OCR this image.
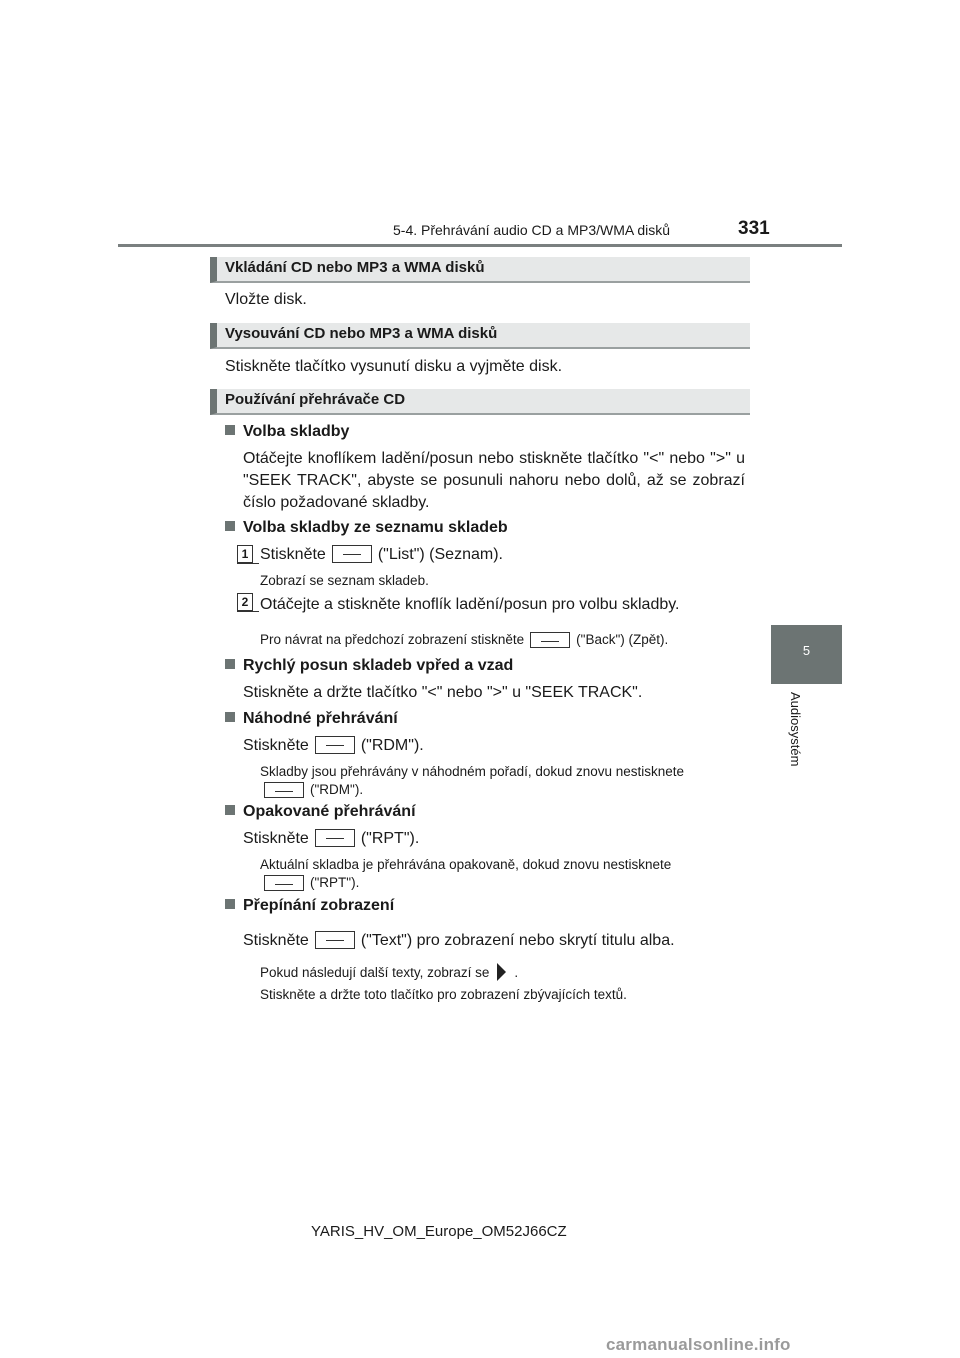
5-4. Přehrávání audio CD a MP3/WMA disků	331
5
Audiosystém
Vkládání CD nebo MP3 a WMA disků
Vložte disk.
Vysouvání CD nebo MP3 a WMA disků
Stiskněte tlačítko vysunutí disku a vyjměte disk.
Používání přehrávače CD
Volba skladby
Otáčejte knoflíkem ladění/posun nebo stiskněte tlačítko "<" nebo ">" u "SEEK TRACK", abyste se posunuli nahoru nebo dolů, až se zobrazí číslo požadované skladby.
Volba skladby ze seznamu skladeb
1 Stiskněte	("List") (Seznam).
Zobrazí se seznam skladeb.
2 Otáčejte a stiskněte knoflík ladění/posun pro volbu skladby.
Pro návrat na předchozí zobrazení stiskněte	("Back") (Zpět).
Rychlý posun skladeb vpřed a vzad
Stiskněte a držte tlačítko "<" nebo ">" u "SEEK TRACK".
Náhodné přehrávání
Stiskněte	("RDM").
Skladby jsou přehrávány v náhodném pořadí, dokud znovu nestisknete
("RDM").
Opakované přehrávání
Stiskněte	("RPT").
Aktuální skladba je přehrávána opakovaně, dokud znovu nestisknete
("RPT").
Přepínání zobrazení
Stiskněte	("Text") pro zobrazení nebo skrytí titulu alba.
Pokud následují další texty, zobrazí se .
Stiskněte a držte toto tlačítko pro zobrazení zbývajících textů.
YARIS_HV_OM_Europe_OM52J66CZ
carmanualsonline.info
